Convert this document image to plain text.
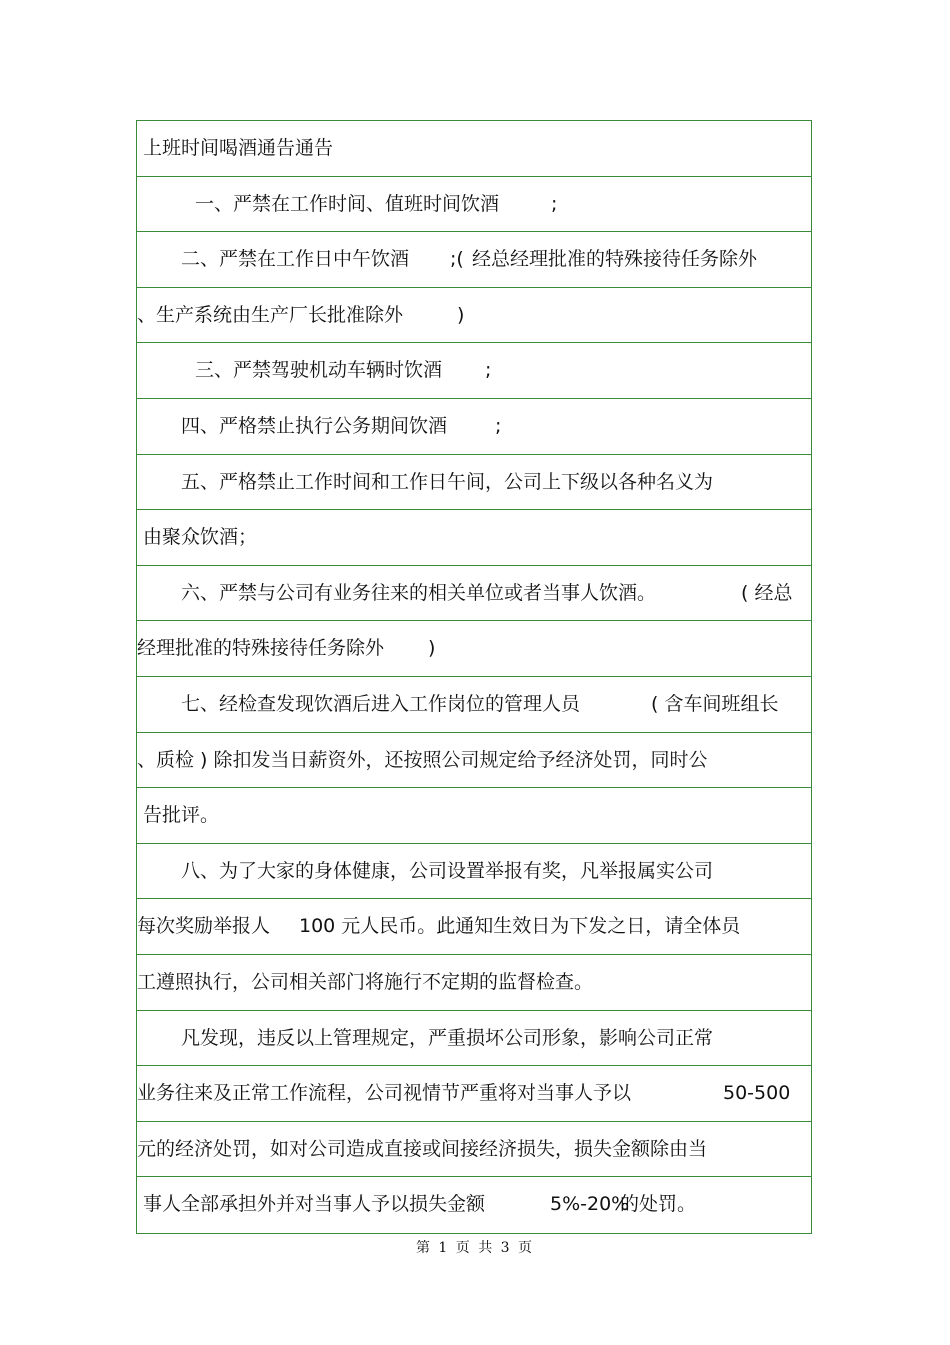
上班时间喝酒通告通告
一、严禁在工作时间、值班时间饮酒	;
二、严禁在工作日中午饮酒 ;( 经总经理批准的特殊接待任务除外
、生产系统由生产厂长批准除外	)
三、严禁驾驶机动车辆时饮酒 ;
四、严格禁止执行公务期间饮酒	;
五、严格禁止工作时间和工作日午间，公司上下级以各种名义为
由聚众饮酒；
六、严禁与公司有业务往来的相关单位或者当事人饮酒。	( 经总
经理批准的特殊接待任务除外 )
七、经检查发现饮酒后进入工作岗位的管理人员	( 含车间班组长
、质检 ) 除扣发当日薪资外，还按照公司规定给予经济处罚，同时公
告批评。
八、为了大家的身体健康，公司设置举报有奖，凡举报属实公司
每次奖励举报人 100 元人民币。此通知生效日为下发之日，请全体员
工遵照执行，公司相关部门将施行不定期的监督检查。
凡发现，违反以上管理规定，严重损坏公司形象，影响公司正常
业务往来及正常工作流程，公司视情节严重将对当事人予以	50-500
元的经济处罚，如对公司造成直接或间接经济损失，损失金额除由当
事人全部承担外并对当事人予以损失金额	5%-20%
的处罚。
第 1 页 共 3 页
